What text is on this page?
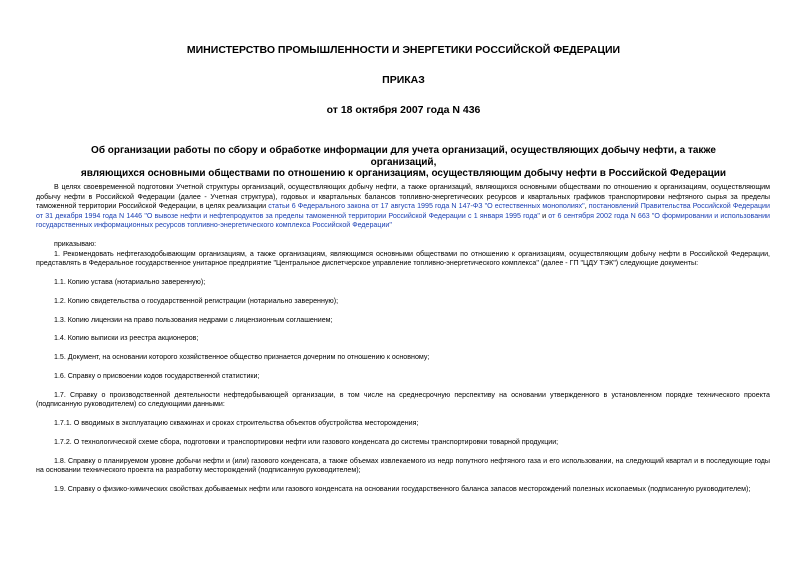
МИНИСТЕРСТВО ПРОМЫШЛЕННОСТИ И ЭНЕРГЕТИКИ РОССИЙСКОЙ ФЕДЕРАЦИИ
ПРИКАЗ
от 18 октября 2007 года N 436
Об организации работы по сбору и обработке информации для учета организаций, осуществляющих добычу нефти, а также организаций,
являющихся основными обществами по отношению к организациям, осуществляющим добычу нефти в Российской Федерации

В целях своевременной подготовки Учетной структуры организаций, осуществляющих добычу нефти, а также организаций, являющихся основными обществами по отношению к организациям, осуществляющим добычу нефти в Российской Федерации (далее - Учетная структура), годовых и квартальных балансов топливно-энергетических ресурсов и квартальных графиков транспортировки нефтяного сырья за пределы таможенной территории Российской Федерации, в целях реализации статьи 6 Федерального закона от 17 августа 1995 года N 147-ФЗ "О естественных монополиях", постановлений Правительства Российской Федерации от 31 декабря 1994 года N 1446 "О вывозе нефти и нефтепродуктов за пределы таможенной территории Российской Федерации с 1 января 1995 года" и от 6 сентября 2002 года N 663 "О формировании и использовании государственных информационных ресурсов топливно-энергетического комплекса Российской Федерации"

приказываю:

1. Рекомендовать нефтегазодобывающим организациям, а также организациям, являющимся основными обществами по отношению к организациям, осуществляющим добычу нефти в Российской Федерации, представлять в Федеральное государственное унитарное предприятие "Центральное диспетчерское управление топливно-энергетического комплекса" (далее - ГП "ЦДУ ТЭК") следующие документы:

1.1. Копию устава (нотариально заверенную);

1.2. Копию свидетельства о государственной регистрации (нотариально заверенную);

1.3. Копию лицензии на право пользования недрами с лицензионным соглашением;

1.4. Копию выписки из реестра акционеров;

1.5. Документ, на основании которого хозяйственное общество признается дочерним по отношению к основному;

1.6. Справку о присвоении кодов государственной статистики;

1.7. Справку о производственной деятельности нефтедобывающей организации, в том числе на среднесрочную перспективу на основании утвержденного в установленном порядке технического проекта (подписанную руководителем) со следующими данными:

1.7.1. О вводимых в эксплуатацию скважинах и сроках строительства объектов обустройства месторождения;

1.7.2. О технологической схеме сбора, подготовки и транспортировки нефти или газового конденсата до системы транспортировки товарной продукции;

1.8. Справку о планируемом уровне добычи нефти и (или) газового конденсата, а также объемах извлекаемого из недр попутного нефтяного газа и его использовании, на следующий квартал и в последующие годы на основании технического проекта на разработку месторождений (подписанную руководителем);

1.9. Справку о физико-химических свойствах добываемых нефти или газового конденсата на основании государственного баланса запасов месторождений полезных ископаемых (подписанную руководителем);
